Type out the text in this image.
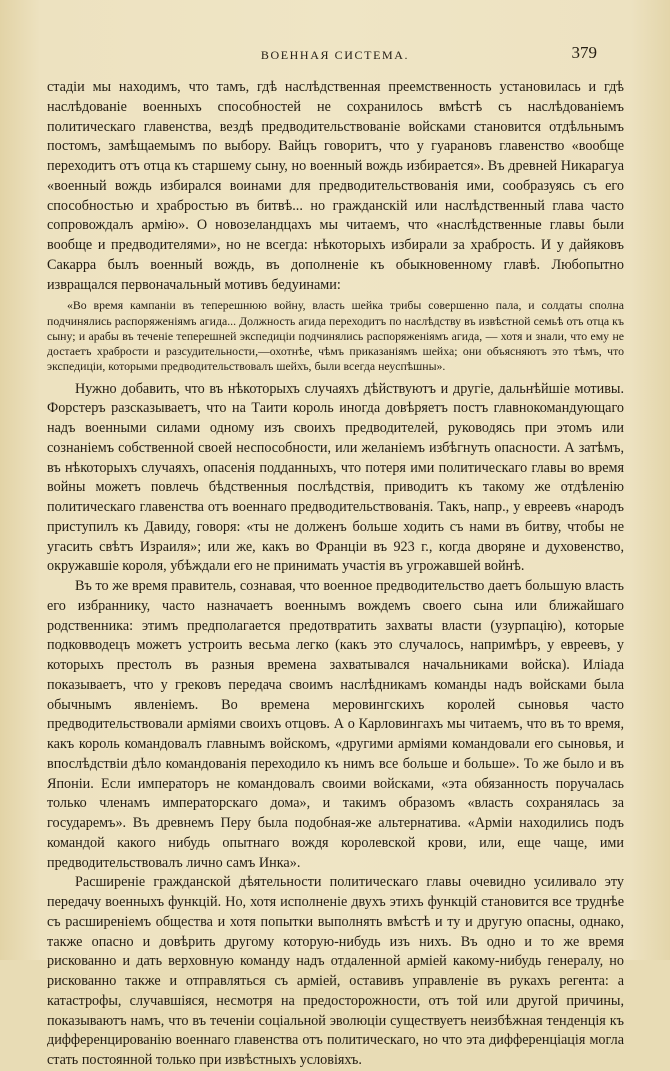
ВОЕННАЯ СИСТЕМА.	379

стадіи мы находимъ, что тамъ, гдѣ наслѣдственная преемственность установилась и гдѣ наслѣдованіе военныхъ способностей не сохранилось вмѣстѣ съ наслѣдованіемъ политическаго главенства, вездѣ предводительствованіе войсками становится отдѣльнымъ постомъ, замѣщаемымъ по выбору. Вайцъ говоритъ, что у гуарановъ главенство «вообще переходитъ отъ отца къ старшему сыну, но военный вождь избирается». Въ древней Никарагуа «военный вождь избирался воинами для предводительствованія ими, сообразуясь съ его способностью и храбростью въ битвѣ... но гражданскій или наслѣдственный глава часто сопровождалъ армію». О новозеландцахъ мы читаемъ, что «наслѣдственные главы были вообще и предводителями», но не всегда: нѣкоторыхъ избирали за храбрость. И у дайяковъ Сакарра былъ военный вождь, въ дополненіе къ обыкновенному главѣ. Любопытно извращался первоначальный мотивъ бедуинами:

«Во время кампаніи въ теперешнюю войну, власть шейка трибы совершенно пала, и солдаты сполна подчинялись распоряженіямъ агида... Должность агида переходитъ по наслѣдству въ извѣстной семьѣ отъ отца къ сыну; и арабы въ теченіе теперешней экспедиціи подчинялись распоряженіямъ агида, — хотя и знали, что ему не достаетъ храбрости и разсудительности,—охотнѣе, чѣмъ приказаніямъ шейха; они объясняютъ это тѣмъ, что экспедиціи, которыми предводительствовалъ шейхъ, были всегда неуспѣшны».

Нужно добавить, что въ нѣкоторыхъ случаяхъ дѣйствуютъ и другіе, дальнѣйшіе мотивы. Форстеръ разсказываетъ, что на Таити король иногда довѣряетъ постъ главнокомандующаго надъ военными силами одному изъ своихъ предводителей, руководясь при этомъ или сознаніемъ собственной своей неспособности, или желаніемъ избѣгнуть опасности. А затѣмъ, въ нѣкоторыхъ случаяхъ, опасенія подданныхъ, что потеря ими политическаго главы во время войны можетъ повлечь бѣдственныя послѣдствія, приводитъ къ такому же отдѣленію политическаго главенства отъ военнаго предводительствованія. Такъ, напр., у евреевъ «народъ приступилъ къ Давиду, говоря: «ты не долженъ больше ходить съ нами въ битву, чтобы не угасить свѣтъ Израиля»; или же, какъ во Франціи въ 923 г., когда дворяне и духовенство, окружавшіе короля, убѣждали его не принимать участія въ угрожавшей войнѣ.

Въ то же время правитель, сознавая, что военное предводительство даетъ большую власть его избраннику, часто назначаетъ военнымъ вождемъ своего сына или ближайшаго родственника: этимъ предполагается предотвратить захваты власти (узурпацію), которые подковводецъ можетъ устроить весьма легко (какъ это случалось, напримѣръ, у евреевъ, у которыхъ престолъ въ разныя времена захватывался начальниками войска). Иліада показываетъ, что у грековъ передача своимъ наслѣдникамъ команды надъ войсками была обычнымъ явленіемъ. Во времена меровингскихъ королей сыновья часто предводительствовали арміями своихъ отцовъ. А о Карловингахъ мы читаемъ, что въ то время, какъ король командовалъ главнымъ войскомъ, «другими арміями командовали его сыновья, и впослѣдствіи дѣло командованія переходило къ нимъ все больше и больше». То же было и въ Японіи. Если императоръ не командовалъ своими войсками, «эта обязанность поручалась только членамъ императорскаго дома», и такимъ образомъ «власть сохранялась за государемъ». Въ древнемъ Перу была подобная-же альтернатива. «Арміи находились подъ командой какого нибудь опытнаго вождя королевской крови, или, еще чаще, ими предводительствовалъ лично самъ Инка».

Расширеніе гражданской дѣятельности политическаго главы очевидно усиливало эту передачу военныхъ функцій. Но, хотя исполненіе двухъ этихъ функцій становится все труднѣе съ расширеніемъ общества и хотя попытки выполнять вмѣстѣ и ту и другую опасны, однако, также опасно и довѣрить другому которую-нибудь изъ нихъ. Въ одно и то же время рискованно и дать верховную команду надъ отдаленной арміей какому-нибудь генералу, но рискованно также и отправляться съ арміей, оставивъ управленіе въ рукахъ регента: а катастрофы, случавшіяся, несмотря на предосторожности, отъ той или другой причины, показываютъ намъ, что въ теченіи соціальной эволюціи существуетъ неизбѣжная тенденція къ дифференцированію военнаго главенства отъ политическаго, но что эта дифференціація могла стать постоянной только при извѣстныхъ условіяхъ.
